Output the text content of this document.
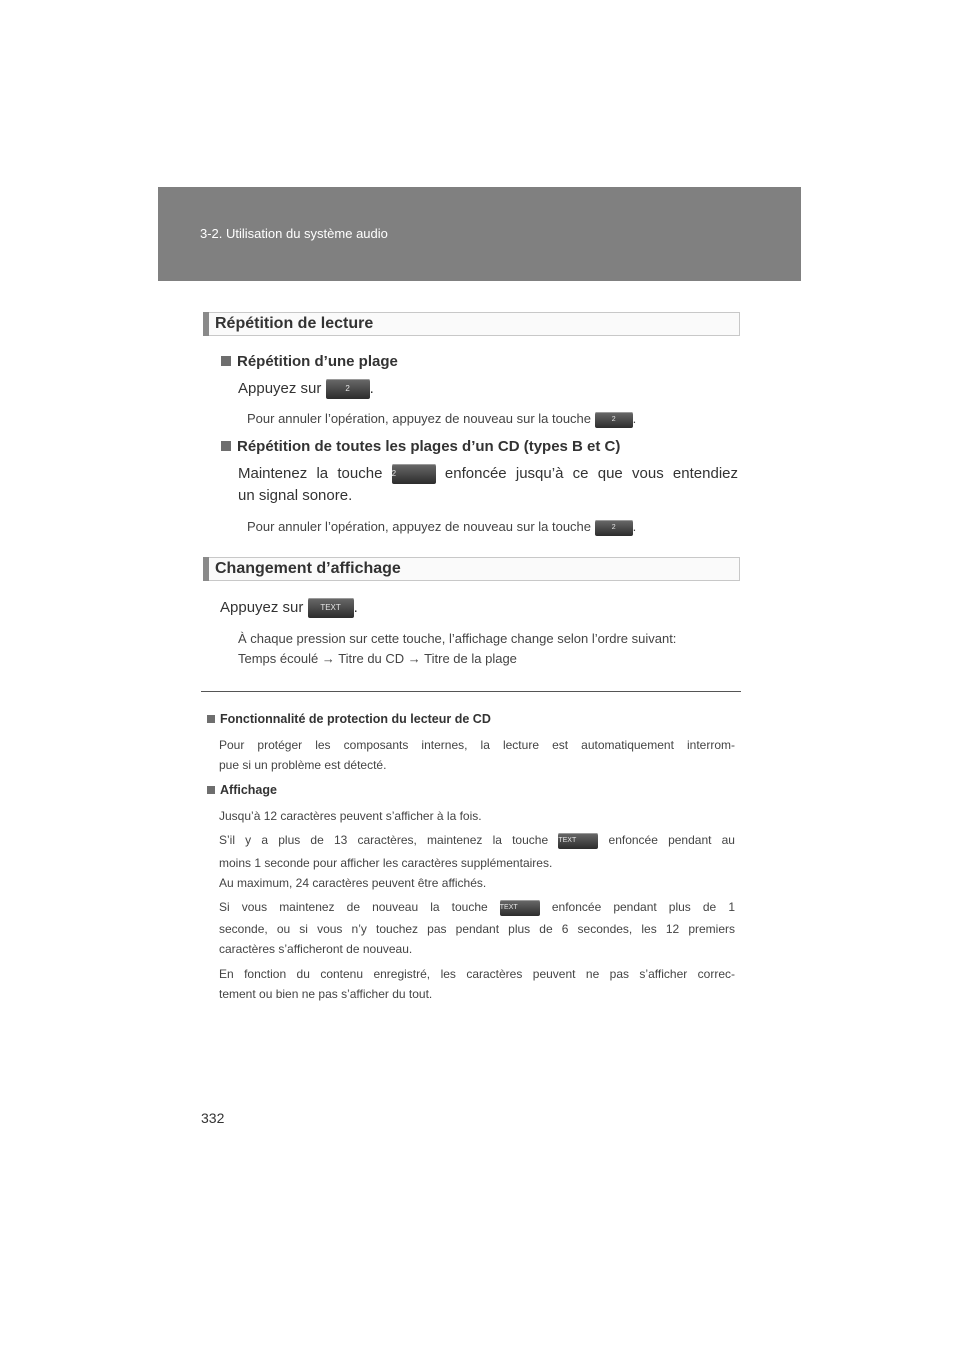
3-2. Utilisation du système audio
Répétition de lecture
Répétition d’une plage
Appuyez sur	2 .
Pour annuler l’opération, appuyez de nouveau sur la touche	2 .
Répétition de toutes les plages d’un CD (types B et C)
Maintenez la touche 2	enfoncée jusqu’à ce que vous entendiez
un signal sonore.
Pour annuler l’opération, appuyez de nouveau sur la touche	2 .
Changement d’affichage
Appuyez sur TEXT .
À chaque pression sur cette touche, l’affichage change selon l’ordre suivant:
Temps écoulé → Titre du CD → Titre de la plage
Fonctionnalité de protection du lecteur de CD
Pour protéger les composants internes, la lecture est automatiquement interrom-
pue si un problème est détecté.
Affichage
Jusqu’à 12 caractères peuvent s’afficher à la fois.
S’il y a plus de 13 caractères, maintenez la touche TEXT	enfoncée pendant au
moins 1 seconde pour afficher les caractères supplémentaires.
Au maximum, 24 caractères peuvent être affichés.
Si vous maintenez de nouveau la touche TEXT	enfoncée pendant plus de 1
seconde, ou si vous n’y touchez pas pendant plus de 6 secondes, les 12 premiers
caractères s’afficheront de nouveau.
En fonction du contenu enregistré, les caractères peuvent ne pas s’afficher correc-
tement ou bien ne pas s’afficher du tout.
332
